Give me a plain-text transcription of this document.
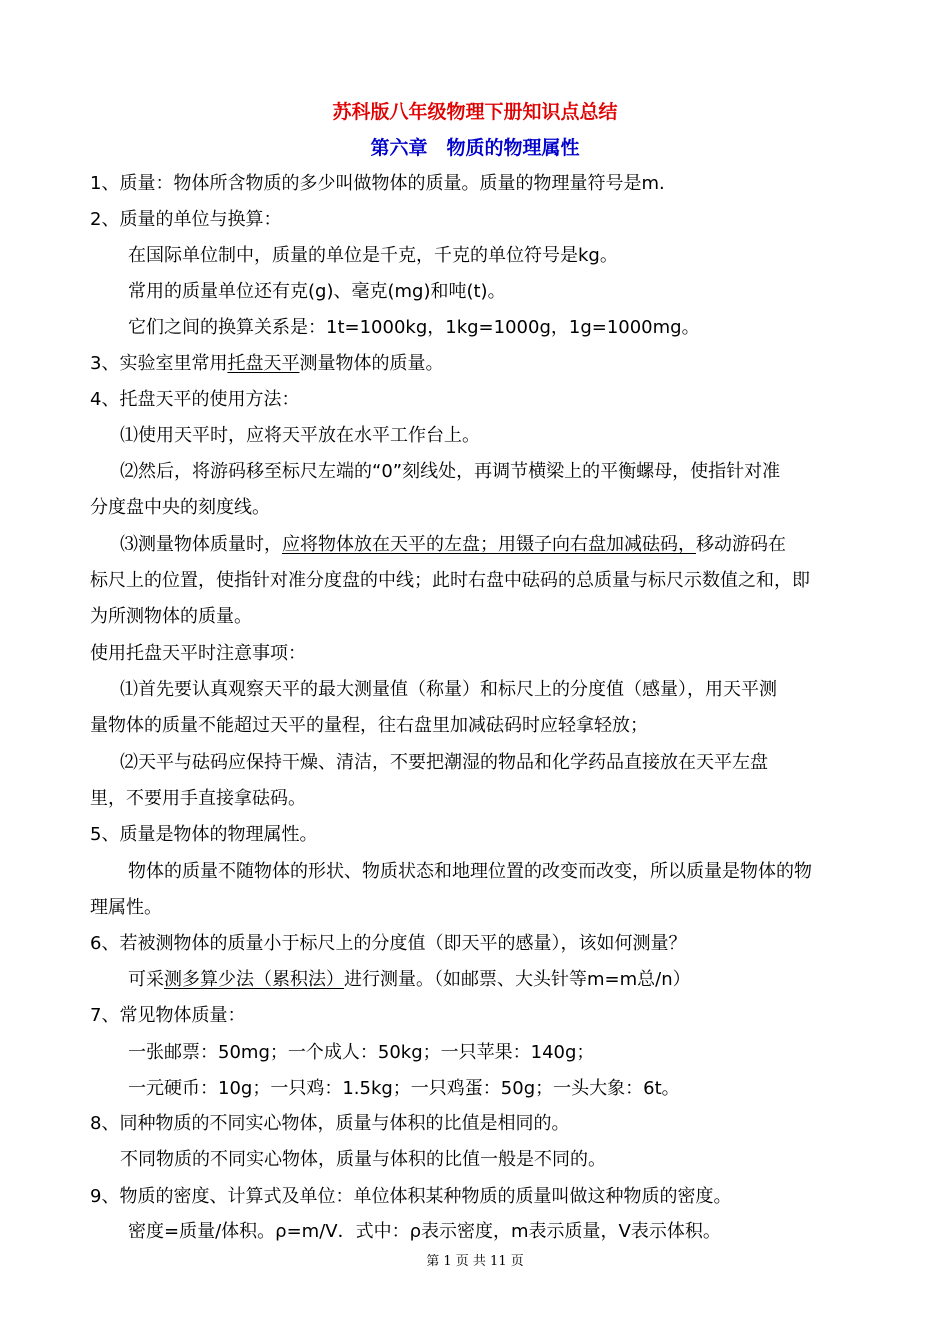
苏科版八年级物理下册知识点总结
第六章　物质的物理属性

1、质量：物体所含物质的多少叫做物体的质量。质量的物理量符号是m.

2、质量的单位与换算：

在国际单位制中，质量的单位是千克，千克的单位符号是kg。

常用的质量单位还有克(g)、毫克(mg)和吨(t)。

它们之间的换算关系是：1t=1000kg，1kg=1000g，1g=1000mg。

3、实验室里常用托盘天平测量物体的质量。

4、托盘天平的使用方法：

⑴使用天平时，应将天平放在水平工作台上。

⑵然后，将游码移至标尺左端的“0”刻线处，再调节横梁上的平衡螺母，使指针对准

分度盘中央的刻度线。

⑶测量物体质量时，应将物体放在天平的左盘；用镊子向右盘加减砝码，移动游码在

标尺上的位置，使指针对准分度盘的中线；此时右盘中砝码的总质量与标尺示数值之和，即

为所测物体的质量。

使用托盘天平时注意事项：

⑴首先要认真观察天平的最大测量值（称量）和标尺上的分度值（感量），用天平测

量物体的质量不能超过天平的量程，往右盘里加减砝码时应轻拿轻放；

⑵天平与砝码应保持干燥、清洁，不要把潮湿的物品和化学药品直接放在天平左盘

里，不要用手直接拿砝码。

5、质量是物体的物理属性。

物体的质量不随物体的形状、物质状态和地理位置的改变而改变，所以质量是物体的物

理属性。

6、若被测物体的质量小于标尺上的分度值（即天平的感量），该如何测量？

可采测多算少法（累积法）进行测量。（如邮票、大头针等m=m总/n）

7、常见物体质量：

一张邮票：50mg；一个成人：50kg；一只苹果：140g；

一元硬币：10g；一只鸡：1.5kg；一只鸡蛋：50g；一头大象：6t。

8、同种物质的不同实心物体，质量与体积的比值是相同的。

不同物质的不同实心物体，质量与体积的比值一般是不同的。

9、物质的密度、计算式及单位：单位体积某种物质的质量叫做这种物质的密度。

密度=质量/体积。ρ=m/V．式中：ρ表示密度，m表示质量，V表示体积。

第 1 页 共 11 页
